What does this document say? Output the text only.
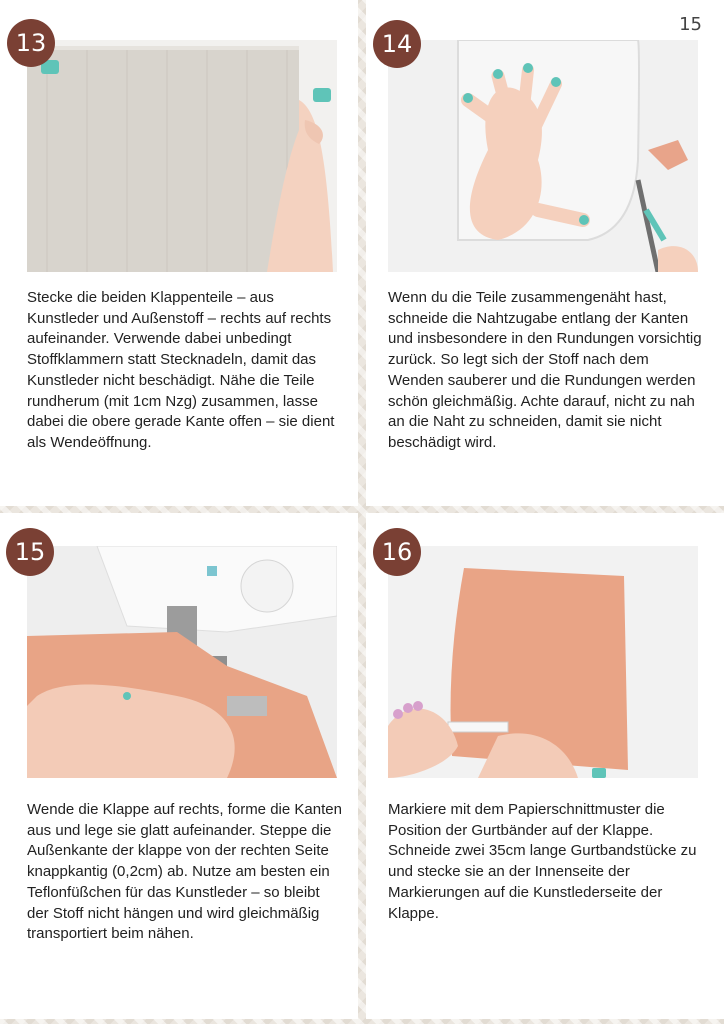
15
13

Stecke die beiden Klappenteile – aus Kunstleder und Außenstoff – rechts auf rechts aufeinander. Verwende dabei unbedingt Stoffklammern statt Stecknadeln, damit das Kunstleder nicht beschädigt. Nähe die Teile rundherum (mit 1cm Nzg) zusammen, lasse dabei die obere gerade Kante offen – sie dient als Wendeöffnung.

14

Wenn du die Teile zusammengenäht hast, schneide die Nahtzugabe entlang der Kanten und insbesondere in den Rundungen vorsichtig zurück. So legt sich der Stoff nach dem Wenden sauberer und die Rundungen werden schön gleichmäßig. Achte darauf, nicht zu nah an die Naht zu schneiden, damit sie nicht beschädigt wird.

15

Wende die Klappe auf rechts, forme die Kanten aus und lege sie glatt aufeinander. Steppe die Außenkante der klappe von der rechten Seite knappkantig (0,2cm) ab. Nutze am besten ein Teflonfüßchen für das Kunstleder – so bleibt der Stoff nicht hängen und wird gleichmäßig transportiert beim nähen.

16

Markiere mit dem Papierschnittmuster die Position der Gurtbänder auf der Klappe. Schneide zwei 35cm lange Gurtbandstücke zu und stecke sie an der Innenseite der Markierungen auf die Kunstlederseite der Klappe.
